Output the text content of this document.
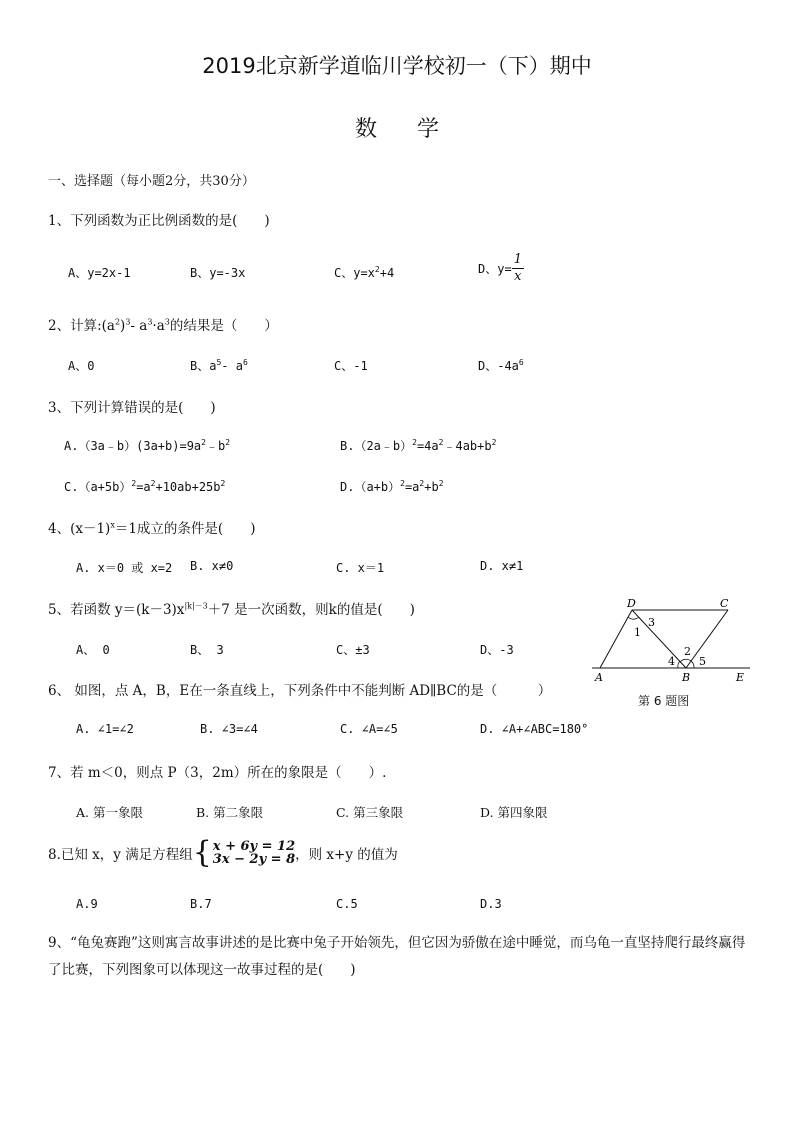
2019北京新学道临川学校初一（下）期中
数学
一、选择题（每小题2分，共30分）
1、下列函数为正比例函数的是(　　)
A、y=2x-1	B、y=-3x	C、$y=x^2+4$	D、$y= \frac{1}{x}$
2、计算$:(a^2)^3-$ $a^3\cdot a^3$的结果是（　　）
A、0	B、$a^5-$ $a^6$	C、-1	D、$-4a^6$
3、下列计算错误的是(　　)
$A.(3a﹣b)(3a+b)=9a^2﹣b^2$	$B.(2a﹣b)^2=4a^2﹣4ab+b^2$
$C.(a+5b)^2=a^2+10ab+25b^2$	$D.(a+b)^2=a^2+b^2$
4、$(x-1)^x=1$成立的条件是(　　)
A. x＝0 或 x=2 B. x≠0	C. x＝1	D. x≠1
5、若函数 $y=(k-3)x^{|k|-3}+7$ 是一次函数，则k的值是(　　)
A、 0	B、 3	C、±3	D、-3
D	C
A	B	E
1
2
3
4 5
第 6 题图
6、 如图，点 A，B，E在一条直线上，下列条件中不能判断 AD∥BC的是（　　　）
A. ∠1=∠2	B. ∠3=∠4	C. ∠A=∠5	D. ∠A+∠ABC=180°
7、若 m＜0，则点 P（3，2m）所在的象限是（　　）.
A. 第一象限	B. 第二象限	C. 第三象限	D. 第四象限
8.已知 x，y 满足方程组 { x + 6y = 12
3x − 2y = 8 ，则 x+y 的值为
A.9	B.7	C.5	D.3
9、“龟兔赛跑”这则寓言故事讲述的是比赛中兔子开始领先，但它因为骄傲在途中睡觉，而乌龟一直坚持爬行最终赢得了比赛，下列图象可以体现这一故事过程的是(　　)
